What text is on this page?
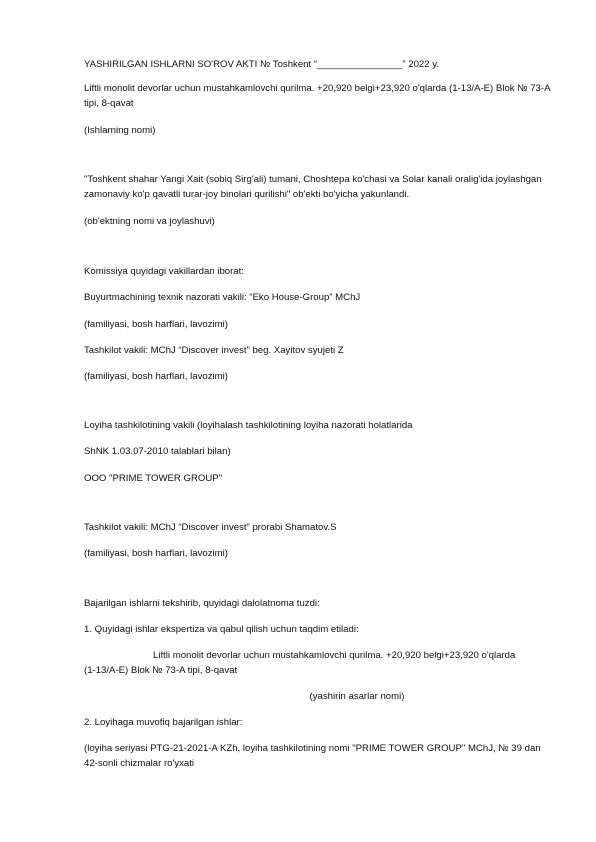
YASHIRILGAN ISHLARNI SO'ROV AKTI № Toshkent “________________” 2022 y.
Liftli monolit devorlar uchun mustahkamlovchi qurilma. +20,920 belgi+23,920 o'qlarda (1-13/A-E) Blok № 73-A tipi, 8-qavat
(Ishlarning nomi)
"Toshkent shahar Yangi Xait (sobiq Sirg'ali) tumani, Choshtepa ko'chasi va Solar kanali oralig'ida joylashgan zamonaviy ko'p qavatli turar-joy binolari qurilishi" ob'ekti bo'yicha yakunlandi.
(ob'ektning nomi va joylashuvi)
Komissiya quyidagi vakillardan iborat:
Buyurtmachining texnik nazorati vakili: “Eko House-Group” MChJ
(familiyasi, bosh harflari, lavozimi)
Tashkilot vakili: MChJ “Discover invest” beg. Xayitov syujeti Z
(familiyasi, bosh harflari, lavozimi)
Loyiha tashkilotining vakili (loyihalash tashkilotining loyiha nazorati holatlarida
ShNK 1.03.07-2010 talablari bilan)
OOO "PRIME TOWER GROUP"
Tashkilot vakili: MChJ “Discover invest” prorabi Shamatov.S
(familiyasi, bosh harflari, lavozimi)
Bajarilgan ishlarni tekshirib, quyidagi dalolatnoma tuzdi:
1. Quyidagi ishlar ekspertiza va qabul qilish uchun taqdim etiladi:
Liftli monolit devorlar uchun mustahkamlovchi qurilma. +20,920 belgi+23,920 o'qlarda
(1-13/A-E) Blok № 73-A tipi, 8-qavat
(yashirin asarlar nomi)
2. Loyihaga muvofiq bajarilgan ishlar:
(loyiha seriyasi PTG-21-2021-A KZh, loyiha tashkilotining nomi "PRIME TOWER GROUP" MChJ, № 39 dan 42-sonli chizmalar ro'yxati
